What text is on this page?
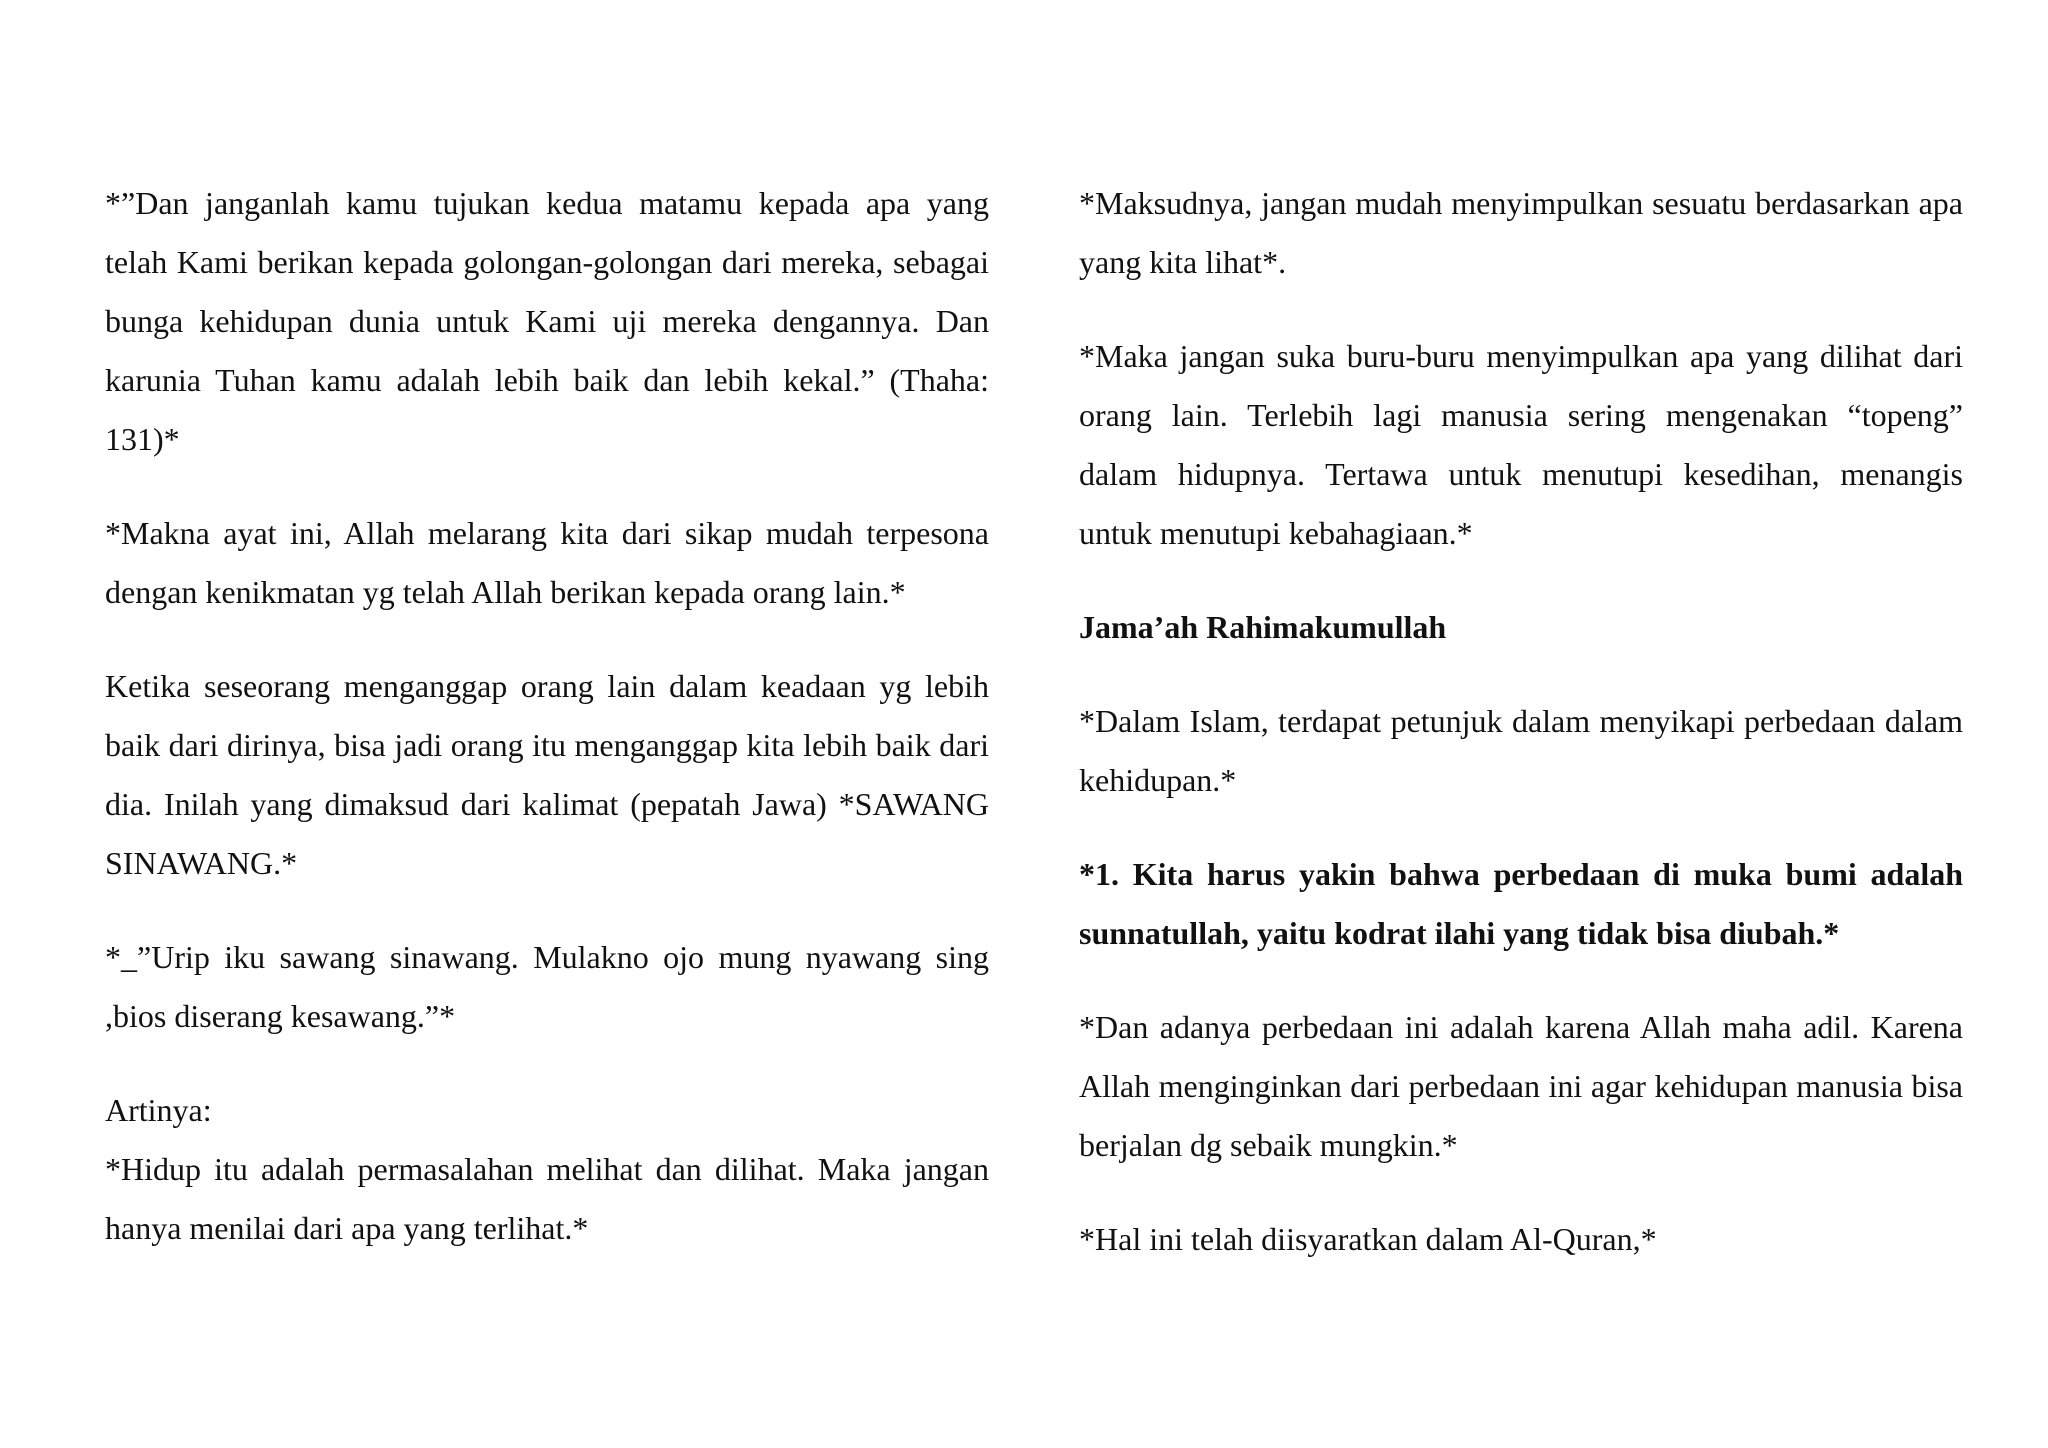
*”Dan janganlah kamu tujukan kedua matamu kepada apa yang telah Kami berikan kepada golongan-golongan dari mereka, sebagai bunga kehidupan dunia untuk Kami uji mereka dengannya. Dan karunia Tuhan kamu adalah lebih baik dan lebih kekal.” (Thaha: 131)*

*Makna ayat ini, Allah melarang kita dari sikap mudah terpesona dengan kenikmatan yg telah Allah berikan kepada orang lain.*

Ketika seseorang menganggap orang lain dalam keadaan yg lebih baik dari dirinya, bisa jadi orang itu menganggap kita lebih baik dari dia. Inilah yang dimaksud dari kalimat (pepatah Jawa) *SAWANG SINAWANG.*

*_”Urip iku sawang sinawang. Mulakno ojo mung nyawang sing ,bios diserang kesawang.”*

Artinya:

*Hidup itu adalah permasalahan melihat dan dilihat. Maka jangan hanya menilai dari apa yang terlihat.*

*Maksudnya, jangan mudah menyimpulkan sesuatu berdasarkan apa yang kita lihat*.

*Maka jangan suka buru-buru menyimpulkan apa yang dilihat dari orang lain. Terlebih lagi manusia sering mengenakan “topeng” dalam hidupnya. Tertawa untuk menutupi kesedihan, menangis untuk menutupi kebahagiaan.*

Jama’ah Rahimakumullah

*Dalam Islam, terdapat petunjuk dalam menyikapi perbedaan dalam kehidupan.*

*1. Kita harus yakin bahwa perbedaan di muka bumi adalah sunnatullah, yaitu kodrat ilahi yang tidak bisa diubah.*

*Dan adanya perbedaan ini adalah karena Allah maha adil. Karena Allah menginginkan dari perbedaan ini agar kehidupan manusia bisa berjalan dg sebaik mungkin.*

*Hal ini telah diisyaratkan dalam Al-Quran,*
